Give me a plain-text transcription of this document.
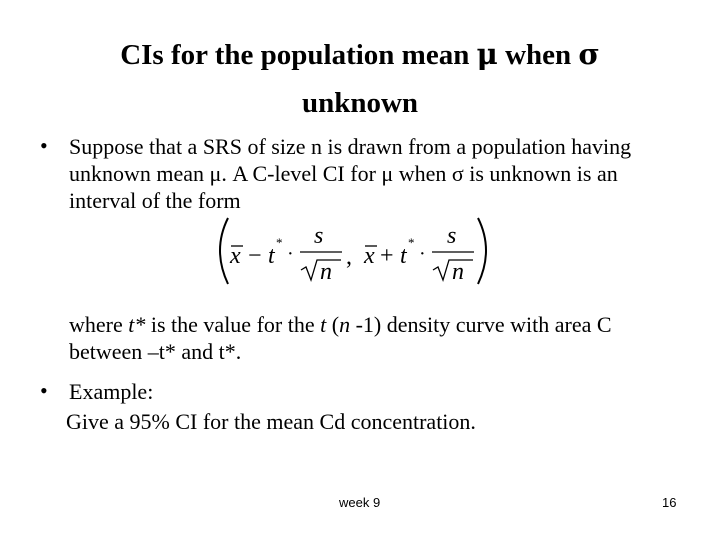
CIs for the population mean μ when σ
unknown
• Suppose that a SRS of size n is drawn from a population having
unknown mean μ. A C-level CI for μ when σ is unknown is an
interval of the form
x − t
*
·
s
n
, x + t
*
·
s
n
where t* is the value for the t (n -1) density curve with area C
between –t* and t*.
• Example:
Give a 95% CI for the mean Cd concentration.
week 9	16
